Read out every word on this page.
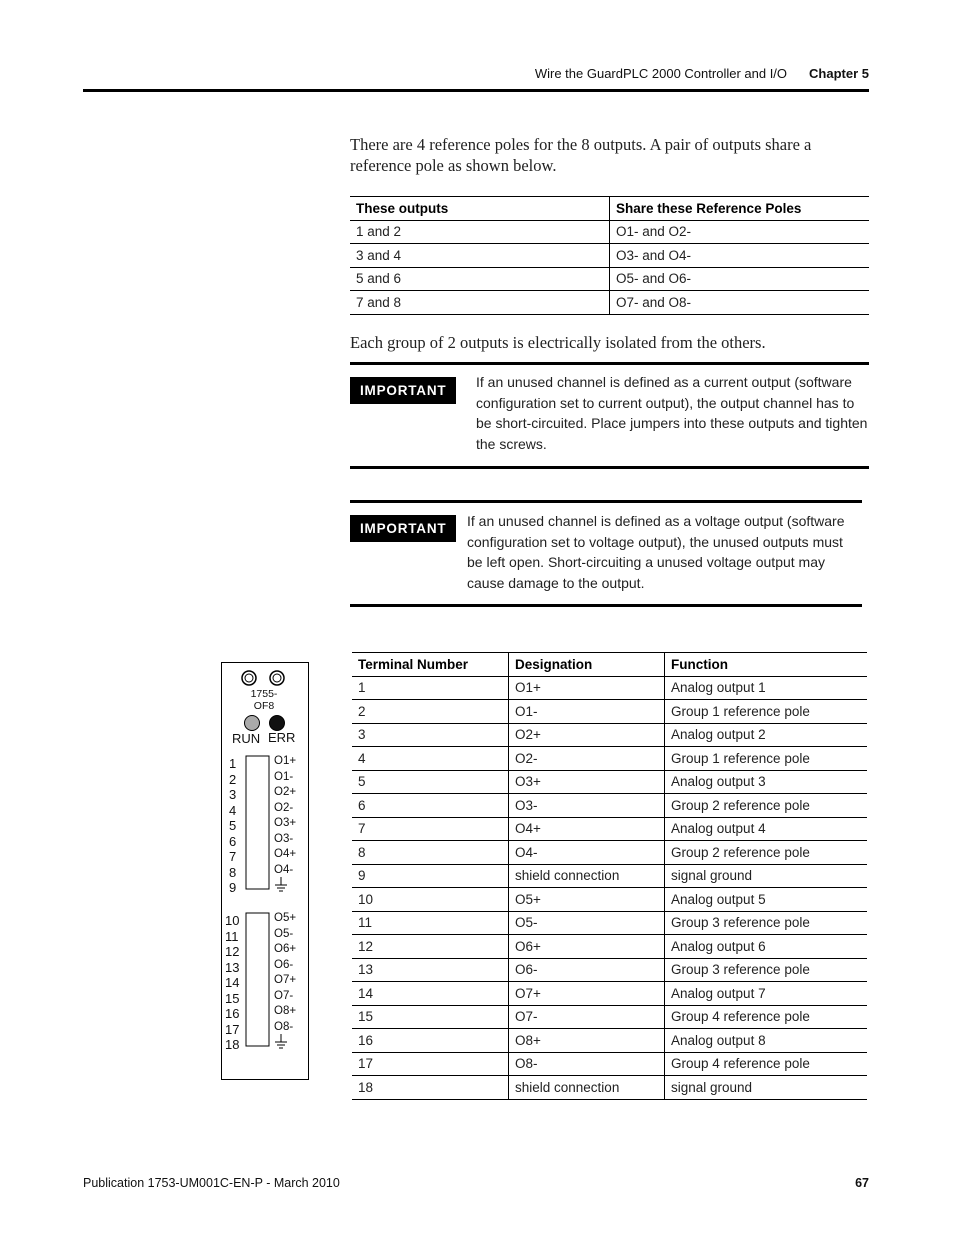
Wire the GuardPLC 2000 Controller and I/O Chapter 5
There are 4 reference poles for the 8 outputs. A pair of outputs share a reference pole as shown below.
These outputs	Share these Reference Poles
1 and 2	O1- and O2-
3 and 4	O3- and O4-
5 and 6	O5- and O6-
7 and 8	O7- and O8-
Each group of 2 outputs is electrically isolated from the others.
IMPORTANT
If an unused channel is defined as a current output (software configuration set to current output), the output channel has to be short-circuited. Place jumpers into these outputs and tighten the screws.
IMPORTANT	If an unused channel is defined as a voltage output (software configuration set to voltage output), the unused outputs must be left open. Short-circuiting a unused voltage output may cause damage to the output.
1755-
OF8
RUN ERR
1
2
3
4
5
6
7
8
9
O1+
O1-
O2+
O2-
O3+
O3-
O4+
O4-
10
11
12
13
14
15
16
17
18
O5+
O5-
O6+
O6-
O7+
O7-
O8+
O8-
Terminal Number	Designation	Function
1	O1+	Analog output 1
2	O1-	Group 1 reference pole
3	O2+	Analog output 2
4	O2-	Group 1 reference pole
5	O3+	Analog output 3
6	O3-	Group 2 reference pole
7	O4+	Analog output 4
8	O4-	Group 2 reference pole
9	shield connection	signal ground
10	O5+	Analog output 5
11	O5-	Group 3 reference pole
12	O6+	Analog output 6
13	O6-	Group 3 reference pole
14	O7+	Analog output 7
15	O7-	Group 4 reference pole
16	O8+	Analog output 8
17	O8-	Group 4 reference pole
18	shield connection	signal ground
Publication 1753-UM001C-EN-P - March 2010	67
